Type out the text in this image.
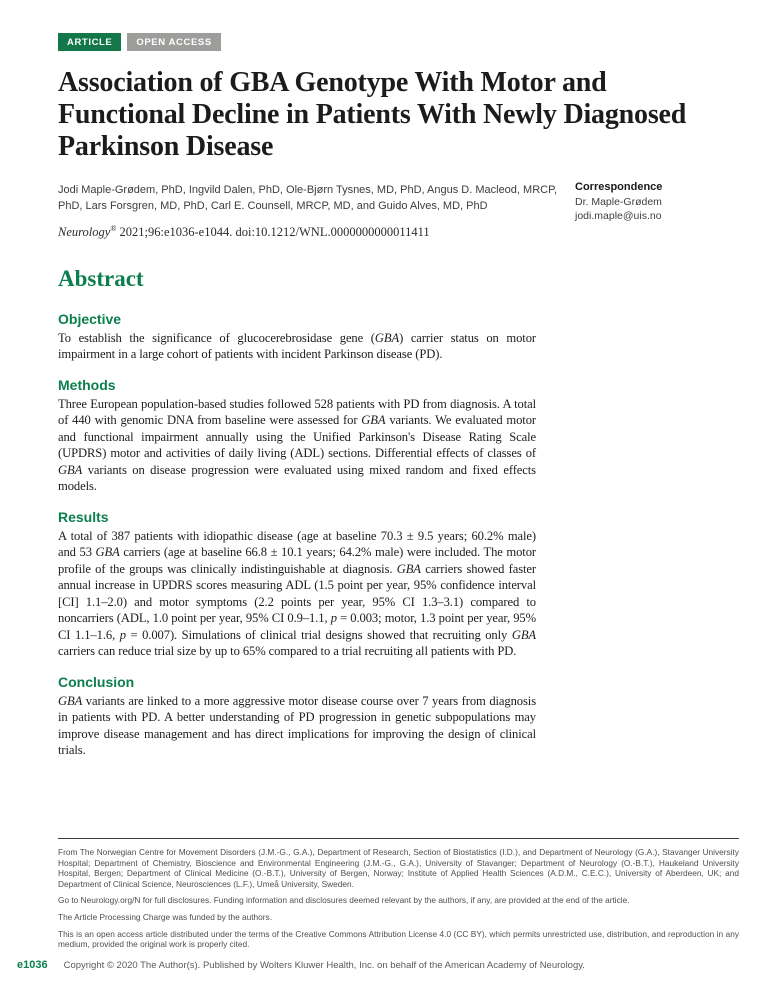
ARTICLE	OPEN ACCESS
Association of GBA Genotype With Motor and Functional Decline in Patients With Newly Diagnosed Parkinson Disease
Jodi Maple-Grødem, PhD, Ingvild Dalen, PhD, Ole-Bjørn Tysnes, MD, PhD, Angus D. Macleod, MRCP, PhD, Lars Forsgren, MD, PhD, Carl E. Counsell, MRCP, MD, and Guido Alves, MD, PhD
Neurology® 2021;96:e1036-e1044. doi:10.1212/WNL.0000000000011411
Abstract
Objective

To establish the significance of glucocerebrosidase gene (GBA) carrier status on motor impairment in a large cohort of patients with incident Parkinson disease (PD).

Methods

Three European population-based studies followed 528 patients with PD from diagnosis. A total of 440 with genomic DNA from baseline were assessed for GBA variants. We evaluated motor and functional impairment annually using the Unified Parkinson's Disease Rating Scale (UPDRS) motor and activities of daily living (ADL) sections. Differential effects of classes of GBA variants on disease progression were evaluated using mixed random and fixed effects models.

Results

A total of 387 patients with idiopathic disease (age at baseline 70.3 ± 9.5 years; 60.2% male) and 53 GBA carriers (age at baseline 66.8 ± 10.1 years; 64.2% male) were included. The motor profile of the groups was clinically indistinguishable at diagnosis. GBA carriers showed faster annual increase in UPDRS scores measuring ADL (1.5 point per year, 95% confidence interval [CI] 1.1–2.0) and motor symptoms (2.2 points per year, 95% CI 1.3–3.1) compared to noncarriers (ADL, 1.0 point per year, 95% CI 0.9–1.1, p = 0.003; motor, 1.3 point per year, 95% CI 1.1–1.6, p = 0.007). Simulations of clinical trial designs showed that recruiting only GBA carriers can reduce trial size by up to 65% compared to a trial recruiting all patients with PD.

Conclusion

GBA variants are linked to a more aggressive motor disease course over 7 years from diagnosis in patients with PD. A better understanding of PD progression in genetic subpopulations may improve disease management and has direct implications for improving the design of clinical trials.

Correspondence
Dr. Maple-Grødem
jodi.maple@uis.no

From The Norwegian Centre for Movement Disorders (J.M.-G., G.A.), Department of Research, Section of Biostatistics (I.D.), and Department of Neurology (G.A.), Stavanger University Hospital; Department of Chemistry, Bioscience and Environmental Engineering (J.M.-G., G.A.), University of Stavanger; Department of Neurology (O.-B.T.), Haukeland University Hospital, Bergen; Department of Clinical Medicine (O.-B.T.), University of Bergen, Norway; Institute of Applied Health Sciences (A.D.M., C.E.C.), University of Aberdeen, UK; and Department of Clinical Science, Neurosciences (L.F.), Umeå University, Sweden.

Go to Neurology.org/N for full disclosures. Funding information and disclosures deemed relevant by the authors, if any, are provided at the end of the article.

The Article Processing Charge was funded by the authors.

This is an open access article distributed under the terms of the Creative Commons Attribution License 4.0 (CC BY), which permits unrestricted use, distribution, and reproduction in any medium, provided the original work is properly cited.

e1036 Copyright © 2020 The Author(s). Published by Wolters Kluwer Health, Inc. on behalf of the American Academy of Neurology.
